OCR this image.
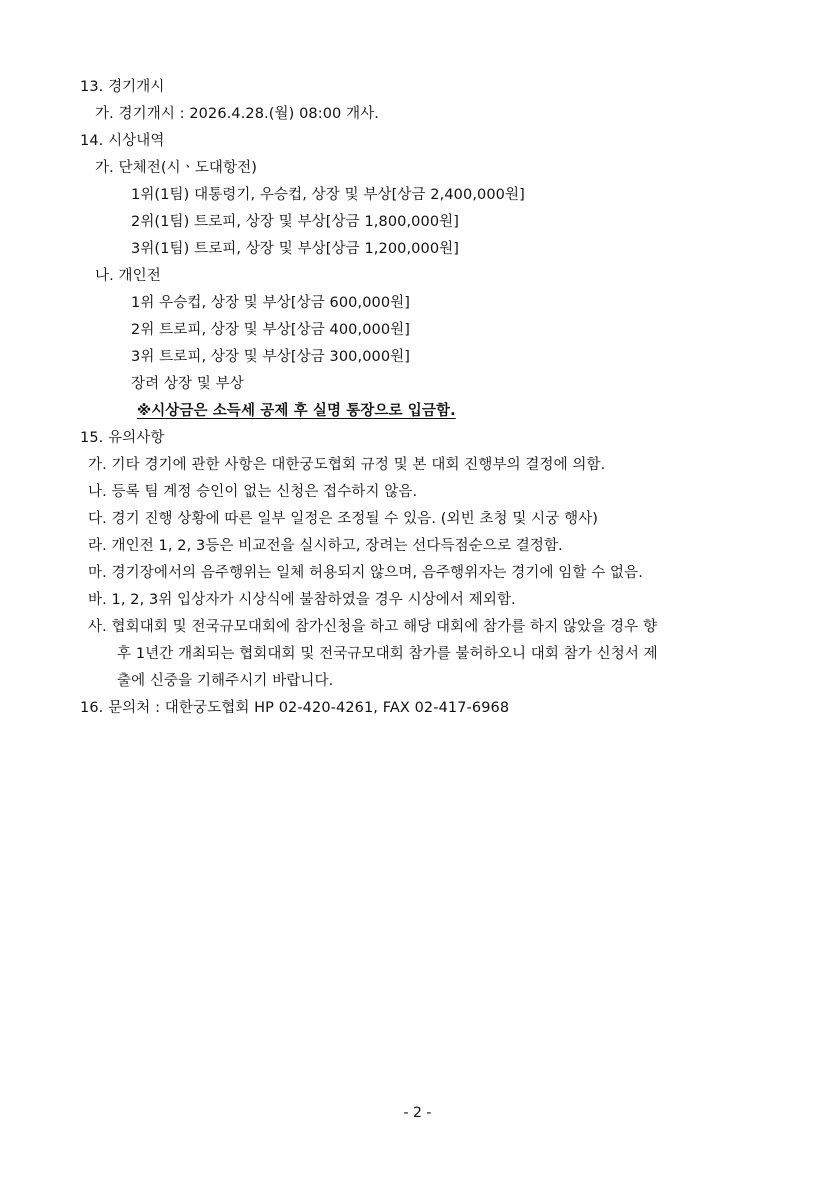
13. 경기개시
가. 경기개시 : 2026.4.28.(월) 08:00 개사.
14. 시상내역
가. 단체전(시ㆍ도대항전)
1위(1팀) 대통령기, 우승컵, 상장 및 부상[상금 2,400,000원]
2위(1팀) 트로피, 상장 및 부상[상금 1,800,000원]
3위(1팀) 트로피, 상장 및 부상[상금 1,200,000원]
나. 개인전
1위 우승컵, 상장 및 부상[상금 600,000원]
2위 트로피, 상장 및 부상[상금 400,000원]
3위 트로피, 상장 및 부상[상금 300,000원]
장려 상장 및 부상
※시상금은 소득세 공제 후 실명 통장으로 입금함.
15. 유의사항
가. 기타 경기에 관한 사항은 대한궁도협회 규정 및 본 대회 진행부의 결정에 의함.
나. 등록 팀 계정 승인이 없는 신청은 접수하지 않음.
다. 경기 진행 상황에 따른 일부 일정은 조정될 수 있음. (외빈 초청 및 시궁 행사)
라. 개인전 1, 2, 3등은 비교전을 실시하고, 장려는 선다득점순으로 결정함.
마. 경기장에서의 음주행위는 일체 허용되지 않으며, 음주행위자는 경기에 임할 수 없음.
바. 1, 2, 3위 입상자가 시상식에 불참하였을 경우 시상에서 제외함.
사. 협회대회 및 전국규모대회에 참가신청을 하고 해당 대회에 참가를 하지 않았을 경우 향
후 1년간 개최되는 협회대회 및 전국규모대회 참가를 불허하오니 대회 참가 신청서 제
출에 신중을 기해주시기 바랍니다.
16. 문의처 : 대한궁도협회 HP 02-420-4261, FAX 02-417-6968
- 2 -
